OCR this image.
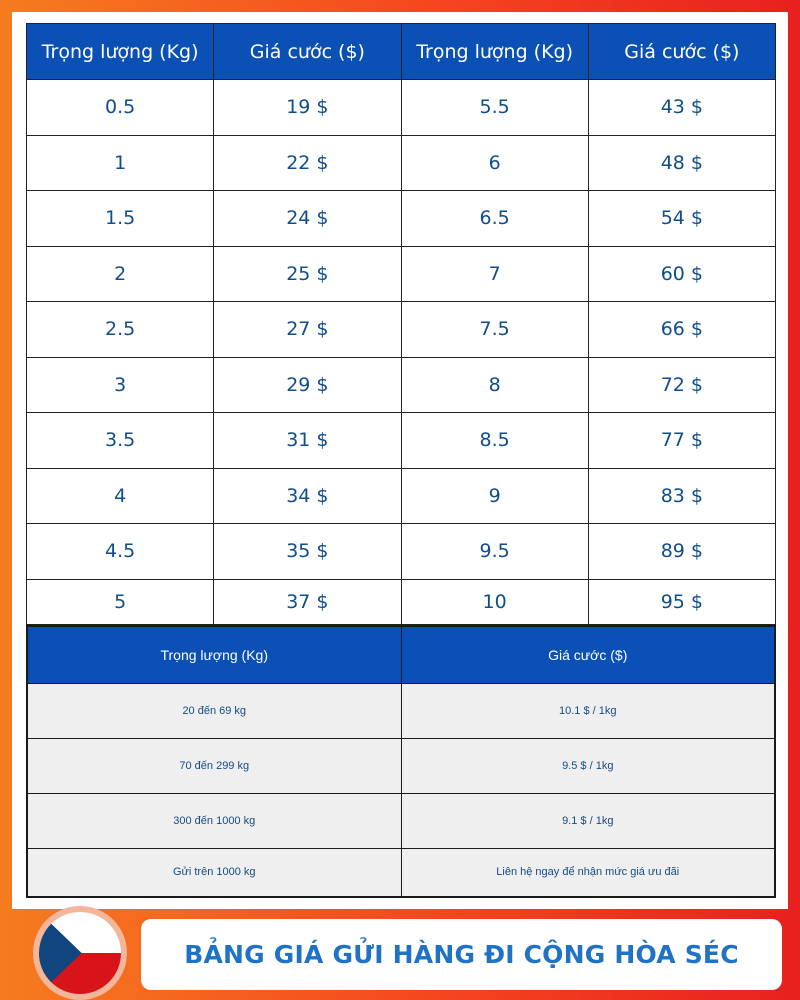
Trọng lượng (Kg)	Giá cước ($)	Trọng lượng (Kg)	Giá cước ($)
0.5	19 $	5.5	43 $
1	22 $	6	48 $
1.5	24 $	6.5	54 $
2	25 $	7	60 $
2.5	27 $	7.5	66 $
3	29 $	8	72 $
3.5	31 $	8.5	77 $
4	34 $	9	83 $
4.5	35 $	9.5	89 $
5	37 $	10	95 $
Trọng lượng (Kg)	Giá cước ($)
20 đến 69 kg	10.1 $ / 1kg
70 đến 299 kg	9.5 $ / 1kg
300 đến 1000 kg	9.1 $ / 1kg
Gửi trên 1000 kg	Liên hệ ngay để nhận mức giá ưu đãi
BẢNG GIÁ GỬI HÀNG ĐI CỘNG HÒA SÉC
